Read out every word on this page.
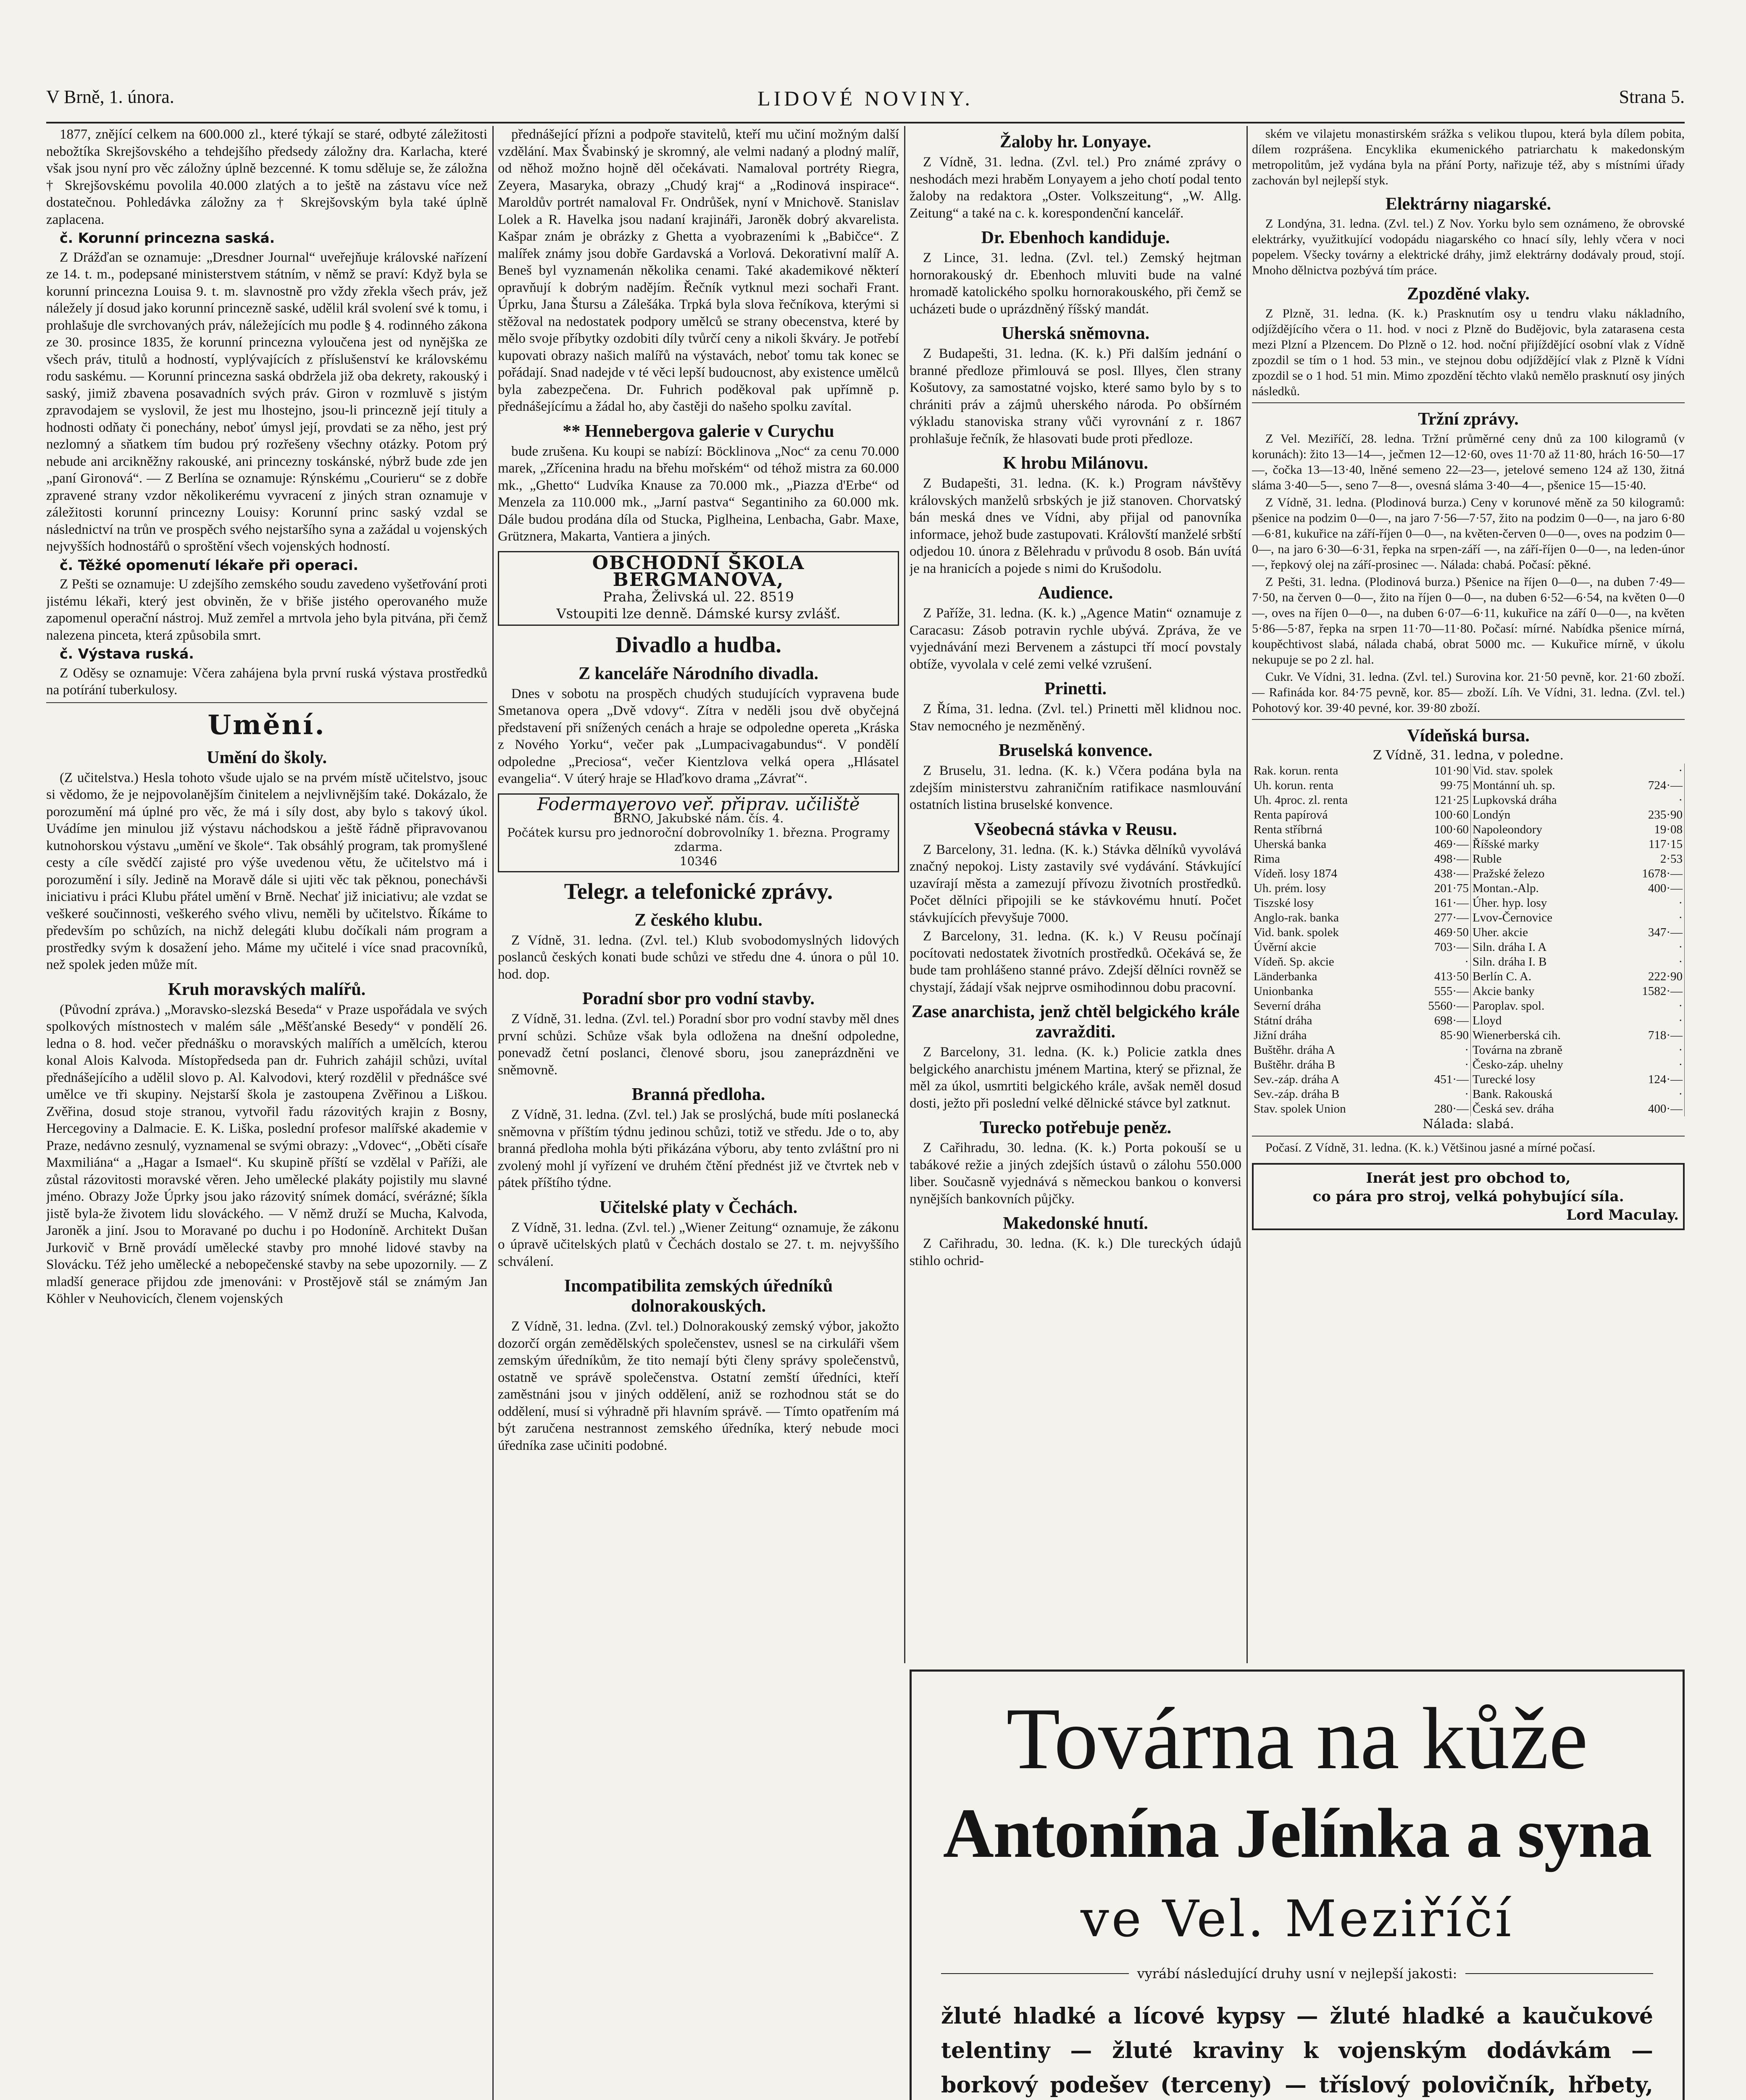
V Brně, 1. února.	LIDOVÉ NOVINY.	Strana 5.

1877, znějící celkem na 600.000 zl., které týkají se staré, odbyté záležitosti nebožtíka Skrejšovského a tehdejšího předsedy záložny dra. Karlacha, které však jsou nyní pro věc záložny úplně bezcenné. K tomu sděluje se, že záložna † Skrejšovskému povolila 40.000 zlatých a to ještě na zástavu více než dostatečnou. Pohledávka záložny za † Skrejšovským byla také úplně zaplacena.

č. Korunní princezna saská.

Z Drážďan se oznamuje: „Dresdner Journal“ uveřejňuje královské nařízení ze 14. t. m., podepsané ministerstvem státním, v němž se praví: Když byla se korunní princezna Louisa 9. t. m. slavnostně pro vždy zřekla všech práv, jež náležely jí dosud jako korunní princezně saské, udělil král svolení své k tomu, i prohlašuje dle svrchovaných práv, náležejících mu podle § 4. rodinného zákona ze 30. prosince 1835, že korunní princezna vyloučena jest od nynějška ze všech práv, titulů a hodností, vyplývajících z příslušenství ke královskému rodu saskému. — Korunní princezna saská obdržela již oba dekrety, rakouský i saský, jimiž zbavena posavadních svých práv. Giron v rozmluvě s jistým zpravodajem se vyslovil, že jest mu lhostejno, jsou-li princezně její tituly a hodnosti odňaty či ponechány, neboť úmysl její, provdati se za něho, jest prý nezlomný a sňatkem tím budou prý rozřešeny všechny otázky. Potom prý nebude ani arcikněžny rakouské, ani princezny toskánské, nýbrž bude zde jen „paní Gironová“. — Z Berlína se oznamuje: Rýnskému „Courieru“ se z dobře zpravené strany vzdor několikerému vyvracení z jiných stran oznamuje v záležitosti korunní princezny Louisy: Korunní princ saský vzdal se následnictví na trůn ve prospěch svého nejstaršího syna a zažádal u vojenských nejvyšších hodnostářů o sproštění všech vojenských hodností.

č. Těžké opomenutí lékaře při operaci.

Z Pešti se oznamuje: U zdejšího zemského soudu zavedeno vyšetřování proti jistému lékaři, který jest obviněn, že v břiše jistého operovaného muže zapomenul operační nástroj. Muž zemřel a mrtvola jeho byla pitvána, při čemž nalezena pinceta, která způsobila smrt.

č. Výstava ruská.

Z Oděsy se oznamuje: Včera zahájena byla první ruská výstava prostředků na potírání tuberkulosy.

Umění.
Umění do školy.

(Z učitelstva.) Hesla tohoto všude ujalo se na prvém místě učitelstvo, jsouc si vědomo, že je nejpovolanějším činitelem a nejvlivnějším také. Dokázalo, že porozumění má úplné pro věc, že má i síly dost, aby bylo s takový úkol. Uvádíme jen minulou již výstavu náchodskou a ještě řádně připravovanou kutnohorskou výstavu „umění ve škole“. Tak obsáhlý program, tak promyšlené cesty a cíle svědčí zajisté pro výše uvedenou větu, že učitelstvo má i porozumění i síly. Jedině na Moravě dále si ujiti věc tak pěknou, ponechávši iniciativu i práci Klubu přátel umění v Brně. Nechať již iniciativu; ale vzdat se veškeré součinnosti, veškerého svého vlivu, neměli by učitelstvo. Říkáme to především po schůzích, na nichž delegáti klubu dočíkali nám program a prostředky svým k dosažení jeho. Máme my učitelé i více snad pracovníků, než spolek jeden může mít.

Kruh moravských malířů.

(Původní zpráva.) „Moravsko-slezská Beseda“ v Praze uspořádala ve svých spolkových místnostech v malém sále „Měšťanské Besedy“ v pondělí 26. ledna o 8. hod. večer přednášku o moravských malířích a umělcích, kterou konal Alois Kalvoda. Místopředseda pan dr. Fuhrich zahájil schůzi, uvítal přednášejícího a udělil slovo p. Al. Kalvodovi, který rozdělil v přednášce své umělce ve tři skupiny. Nejstarší škola je zastoupena Zvěřinou a Liškou. Zvěřina, dosud stoje stranou, vytvořil řadu rázovitých krajin z Bosny, Hercegoviny a Dalmacie. E. K. Liška, poslední profesor malířské akademie v Praze, nedávno zesnulý, vyznamenal se svými obrazy: „Vdovec“, „Oběti císaře Maxmiliána“ a „Hagar a Ismael“. Ku skupině příští se vzdělal v Paříži, ale zůstal rázovitosti moravské věren. Jeho umělecké plakáty pojistily mu slavné jméno. Obrazy Jože Úprky jsou jako rázovitý snímek domácí, svérázné; šíkla jistě byla-že životem lidu slováckého. — V němž druží se Mucha, Kalvoda, Jaroněk a jiní. Jsou to Moravané po duchu i po Hodoníně. Architekt Dušan Jurkovič v Brně provádí umělecké stavby pro mnohé lidové stavby na Slovácku. Též jeho umělecké a nebopečenské stavby na sebe upozornily. — Z mladší generace přijdou zde jmenováni: v Prostějově stál se známým Jan Köhler v Neuhovicích, členem vojenských

přednášející přízni a podpoře stavitelů, kteří mu učiní možným další vzdělání. Max Švabinský je skromný, ale velmi nadaný a plodný malíř, od něhož možno hojně děl očekávati. Namaloval portréty Riegra, Zeyera, Masaryka, obrazy „Chudý kraj“ a „Rodinová inspirace“. Maroldův portrét namaloval Fr. Ondrůšek, nyní v Mnichově. Stanislav Lolek a R. Havelka jsou nadaní krajináři, Jaroněk dobrý akvarelista. Kašpar znám je obrázky z Ghetta a vyobrazeními k „Babičce“. Z malířek známy jsou dobře Gardavská a Vorlová. Dekorativní malíř A. Beneš byl vyznamenán několika cenami. Také akademikové některí opravňují k dobrým nadějím. Řečník vytknul mezi sochaři Frant. Úprku, Jana Štursu a Zálešáka. Trpká byla slova řečníkova, kterými si stěžoval na nedostatek podpory umělců se strany obecenstva, které by mělo svoje příbytky ozdobiti díly tvůrčí ceny a nikoli škváry. Je potřebí kupovati obrazy našich malířů na výstavách, neboť tomu tak konec se pořádají. Snad nadejde v té věci lepší budoucnost, aby existence umělců byla zabezpečena. Dr. Fuhrich poděkoval pak upřímně p. přednášejícímu a žádal ho, aby častěji do našeho spolku zavítal.

** Hennebergova galerie v Curychu

bude zrušena. Ku koupi se nabízí: Böcklinova „Noc“ za cenu 70.000 marek, „Zřícenina hradu na břehu mořském“ od téhož mistra za 60.000 mk., „Ghetto“ Ludvíka Knause za 70.000 mk., „Piazza d'Erbe“ od Menzela za 110.000 mk., „Jarní pastva“ Segantiniho za 60.000 mk. Dále budou prodána díla od Stucka, Piglheina, Lenbacha, Gabr. Maxe, Grütznera, Makarta, Vantiera a jiných.

OBCHODNÍ ŠKOLA BERGMANOVA,
Praha, Želivská ul. 22. 8519
Vstoupiti lze denně. Dámské kursy zvlášť.
Divadlo a hudba.
Z kanceláře Národního divadla.

Dnes v sobotu na prospěch chudých studujících vypravena bude Smetanova opera „Dvě vdovy“. Zítra v neděli jsou dvě obyčejná představení při snížených cenách a hraje se odpoledne opereta „Kráska z Nového Yorku“, večer pak „Lumpacivagabundus“. V pondělí odpoledne „Preciosa“, večer Kientzlova velká opera „Hlásatel evangelia“. V úterý hraje se Hlaďkovo drama „Závrať“.

Fodermayerovo veř. připrav. učiliště
BRNO, Jakubské nám. čís. 4.
Počátek kursu pro jednoroční dobrovolníky 1. března. Programy zdarma.
10346
Telegr. a telefonické zprávy.
Z českého klubu.

Z Vídně, 31. ledna. (Zvl. tel.) Klub svobodomyslných lidových poslanců českých konati bude schůzi ve středu dne 4. února o půl 10. hod. dop.

Poradní sbor pro vodní stavby.

Z Vídně, 31. ledna. (Zvl. tel.) Poradní sbor pro vodní stavby měl dnes první schůzi. Schůze však byla odložena na dnešní odpoledne, ponevadž četní poslanci, členové sboru, jsou zaneprázdněni ve sněmovně.

Branná předloha.

Z Vídně, 31. ledna. (Zvl. tel.) Jak se proslýchá, bude míti poslanecká sněmovna v příštím týdnu jedinou schůzi, totiž ve středu. Jde o to, aby branná předloha mohla býti přikázána výboru, aby tento zvláštní pro ni zvolený mohl jí vyřízení ve druhém čtění přednést již ve čtvrtek neb v pátek příštího týdne.

Učitelské platy v Čechách.

Z Vídně, 31. ledna. (Zvl. tel.) „Wiener Zeitung“ oznamuje, že zákonu o úpravě učitelských platů v Čechách dostalo se 27. t. m. nejvyššího schválení.

Incompatibilita zemských úředníků dolnorakouských.

Z Vídně, 31. ledna. (Zvl. tel.) Dolnorakouský zemský výbor, jakožto dozorčí orgán zemědělských společenstev, usnesl se na cirkuláři všem zemským úředníkům, že tito nemají býti členy správy společenstvů, ostatně ve správě společenstva. Ostatní zemští úředníci, kteří zaměstnáni jsou v jiných oddělení, aniž se rozhodnou stát se do oddělení, musí si výhradně při hlavním správě. — Tímto opatřením má být zaručena nestrannost zemského úředníka, který nebude moci úředníka zase učiniti podobné.

Žaloby hr. Lonyaye.

Z Vídně, 31. ledna. (Zvl. tel.) Pro známé zprávy o neshodách mezi hraběm Lonyayem a jeho chotí podal tento žaloby na redaktora „Oster. Volkszeitung“, „W. Allg. Zeitung“ a také na c. k. korespondenční kancelář.

Dr. Ebenhoch kandiduje.

Z Lince, 31. ledna. (Zvl. tel.) Zemský hejtman hornorakouský dr. Ebenhoch mluviti bude na valné hromadě katolického spolku hornorakouského, při čemž se ucházeti bude o uprázdněný říšský mandát.

Uherská sněmovna.

Z Budapešti, 31. ledna. (K. k.) Při dalším jednání o branné předloze přimlouvá se posl. Illyes, člen strany Košutovy, za samostatné vojsko, které samo bylo by s to chrániti práv a zájmů uherského národa. Po obšírném výkladu stanoviska strany vůči vyrovnání z r. 1867 prohlašuje řečník, že hlasovati bude proti předloze.

K hrobu Milánovu.

Z Budapešti, 31. ledna. (K. k.) Program návštěvy královských manželů srbských je již stanoven. Chorvatský bán meská dnes ve Vídni, aby přijal od panovníka informace, jehož bude zastupovati. Královští manželé srbští odjedou 10. února z Bělehradu v průvodu 8 osob. Bán uvítá je na hranicích a pojede s nimi do Krušodolu.

Audience.

Z Paříže, 31. ledna. (K. k.) „Agence Matin“ oznamuje z Caracasu: Zásob potravin rychle ubývá. Zpráva, že ve vyjednávání mezi Bervenem a zástupci tří mocí povstaly obtíže, vyvolala v celé zemi velké vzrušení.

Prinetti.

Z Říma, 31. ledna. (Zvl. tel.) Prinetti měl klidnou noc. Stav nemocného je nezměněný.

Bruselská konvence.

Z Bruselu, 31. ledna. (K. k.) Včera podána byla na zdejším ministerstvu zahraničním ratifikace nasmlouvání ostatních listina bruselské konvence.

Všeobecná stávka v Reusu.

Z Barcelony, 31. ledna. (K. k.) Stávka dělníků vyvolává značný nepokoj. Listy zastavily své vydávání. Stávkující uzavírají města a zamezují přívozu životních prostředků. Počet dělníci připojili se ke stávkovému hnutí. Počet stávkujících převyšuje 7000.

Z Barcelony, 31. ledna. (K. k.) V Reusu počínají pocítovati nedostatek životních prostředků. Očekává se, že bude tam prohlášeno stanné právo. Zdejší dělníci rovněž se chystají, žádají však nejprve osmihodinnou dobu pracovní.

Zase anarchista, jenž chtěl belgického krále zavražditi.

Z Barcelony, 31. ledna. (K. k.) Policie zatkla dnes belgického anarchistu jménem Martina, který se přiznal, že měl za úkol, usmrtiti belgického krále, avšak neměl dosud dosti, ježto při poslední velké dělnické stávce byl zatknut.

Turecko potřebuje peněz.

Z Cařihradu, 30. ledna. (K. k.) Porta pokouší se u tabákové režie a jiných zdejších ústavů o zálohu 550.000 liber. Současně vyjednává s německou bankou o konversi nynějších bankovních půjčky.

Makedonské hnutí.

Z Cařihradu, 30. ledna. (K. k.) Dle tureckých údajů stihlo ochrid-

ském ve vilajetu monastirském srážka s velikou tlupou, která byla dílem pobita, dílem rozprášena. Encyklika ekumenického patriarchatu k makedonským metropolitům, jež vydána byla na přání Porty, nařizuje též, aby s místními úřady zachován byl nejlepší styk.

Elektrárny niagarské.

Z Londýna, 31. ledna. (Zvl. tel.) Z Nov. Yorku bylo sem oznámeno, že obrovské elektrárky, využitkující vodopádu niagarského co hnací síly, lehly včera v noci popelem. Všecky továrny a elektrické dráhy, jimž elektrárny dodávaly proud, stojí. Mnoho dělnictva pozbývá tím práce.

Zpozděné vlaky.

Z Plzně, 31. ledna. (K. k.) Prasknutím osy u tendru vlaku nákladního, odjíždějícího včera o 11. hod. v noci z Plzně do Budějovic, byla zatarasena cesta mezi Plzní a Plzencem. Do Plzně o 12. hod. noční přijíždějící osobní vlak z Vídně zpozdil se tím o 1 hod. 53 min., ve stejnou dobu odjíždějící vlak z Plzně k Vídni zpozdil se o 1 hod. 51 min. Mimo zpozdění těchto vlaků nemělo prasknutí osy jiných následků.

Tržní zprávy.

Z Vel. Meziříčí, 28. ledna. Tržní průměrné ceny dnů za 100 kilogramů (v korunách): žito 13—14—, ječmen 12—12·60, oves 11·70 až 11·80, hrách 16·50—17—, čočka 13—13·40, lněné semeno 22—23—, jetelové semeno 124 až 130, žitná sláma 3·40—5—, seno 7—8—, ovesná sláma 3·40—4—, pšenice 15—15·40.

Z Vídně, 31. ledna. (Plodinová burza.) Ceny v korunové měně za 50 kilogramů: pšenice na podzim 0—0—, na jaro 7·56—7·57, žito na podzim 0—0—, na jaro 6·80—6·81, kukuřice na září-říjen 0—0—, na květen-červen 0—0—, oves na podzim 0—0—, na jaro 6·30—6·31, řepka na srpen-září —, na září-říjen 0—0—, na leden-únor —, řepkový olej na září-prosinec —. Nálada: chabá. Počasí: pěkné.

Z Pešti, 31. ledna. (Plodinová burza.) Pšenice na říjen 0—0—, na duben 7·49—7·50, na červen 0—0—, žito na říjen 0—0—, na duben 6·52—6·54, na květen 0—0—, oves na říjen 0—0—, na duben 6·07—6·11, kukuřice na září 0—0—, na květen 5·86—5·87, řepka na srpen 11·70—11·80. Počasí: mírné. Nabídka pšenice mírná, koupěchtivost slabá, nálada chabá, obrat 5000 mc. — Kukuřice mírně, v úkolu nekupuje se po 2 zl. hal.

Cukr. Ve Vídni, 31. ledna. (Zvl. tel.) Surovina kor. 21·50 pevně, kor. 21·60 zboží. — Rafináda kor. 84·75 pevně, kor. 85— zboží. Líh. Ve Vídni, 31. ledna. (Zvl. tel.) Pohotový kor. 39·40 pevné, kor. 39·80 zboží.

Vídeňská bursa.
Z Vídně, 31. ledna, v poledne.
Rak. korun. renta	101·90	Vid. stav. spolek	·
Uh. korun. renta	99·75	Montánní uh. sp.	724·—
Uh. 4proc. zl. renta	121·25	Lupkovská dráha	·
Renta papírová	100·60	Londýn	235·90
Renta stříbrná	100·60	Napoleondory	19·08
Uherská banka	469·—	Říšské marky	117·15
Rima	498·—	Ruble	2·53
Vídeň. losy 1874	438·—	Pražské železo	1678·—
Uh. prém. losy	201·75	Montan.-Alp.	400·—
Tiszské losy	161·—	Úher. hyp. losy	·
Anglo-rak. banka	277·—	Lvov-Černovice	·
Vid. bank. spolek	469·50	Uher. akcie	347·—
Úvěrní akcie	703·—	Siln. dráha I. A	·
Vídeň. Sp. akcie	·	Siln. dráha I. B	·
Länderbanka	413·50	Berlín C. A.	222·90
Unionbanka	555·—	Akcie banky	1582·—
Severní dráha	5560·—	Paroplav. spol.	·
Státní dráha	698·—	Lloyd	·
Jižní dráha	85·90	Wienerberská cih.	718·—
Buštěhr. dráha A	·	Továrna na zbraně	·
Buštěhr. dráha B	·	Česko-záp. uhelny	·
Sev.-záp. dráha A	451·—	Turecké losy	124·—
Sev.-záp. dráha B	·	Bank. Rakouská	·
Stav. spolek Union	280·—	Česká sev. dráha	400·—
Nálada: slabá.

Počasí. Z Vídně, 31. ledna. (K. k.) Většinou jasné a mírné počasí.

Inerát jest pro obchod to,
co pára pro stroj, velká pohybující síla.
Lord Maculay.
Továrna na kůže
Antonína Jelínka a syna
ve Vel. Meziříčí
vyrábí následující druhy usní v nejlepší jakosti:
žluté hladké a lícové kypsy — žluté hladké a kaučukové telentiny — žluté kraviny k vojenským dodávkám — borkový podešev (terceny) — tříslový polovičník, hřbety,
